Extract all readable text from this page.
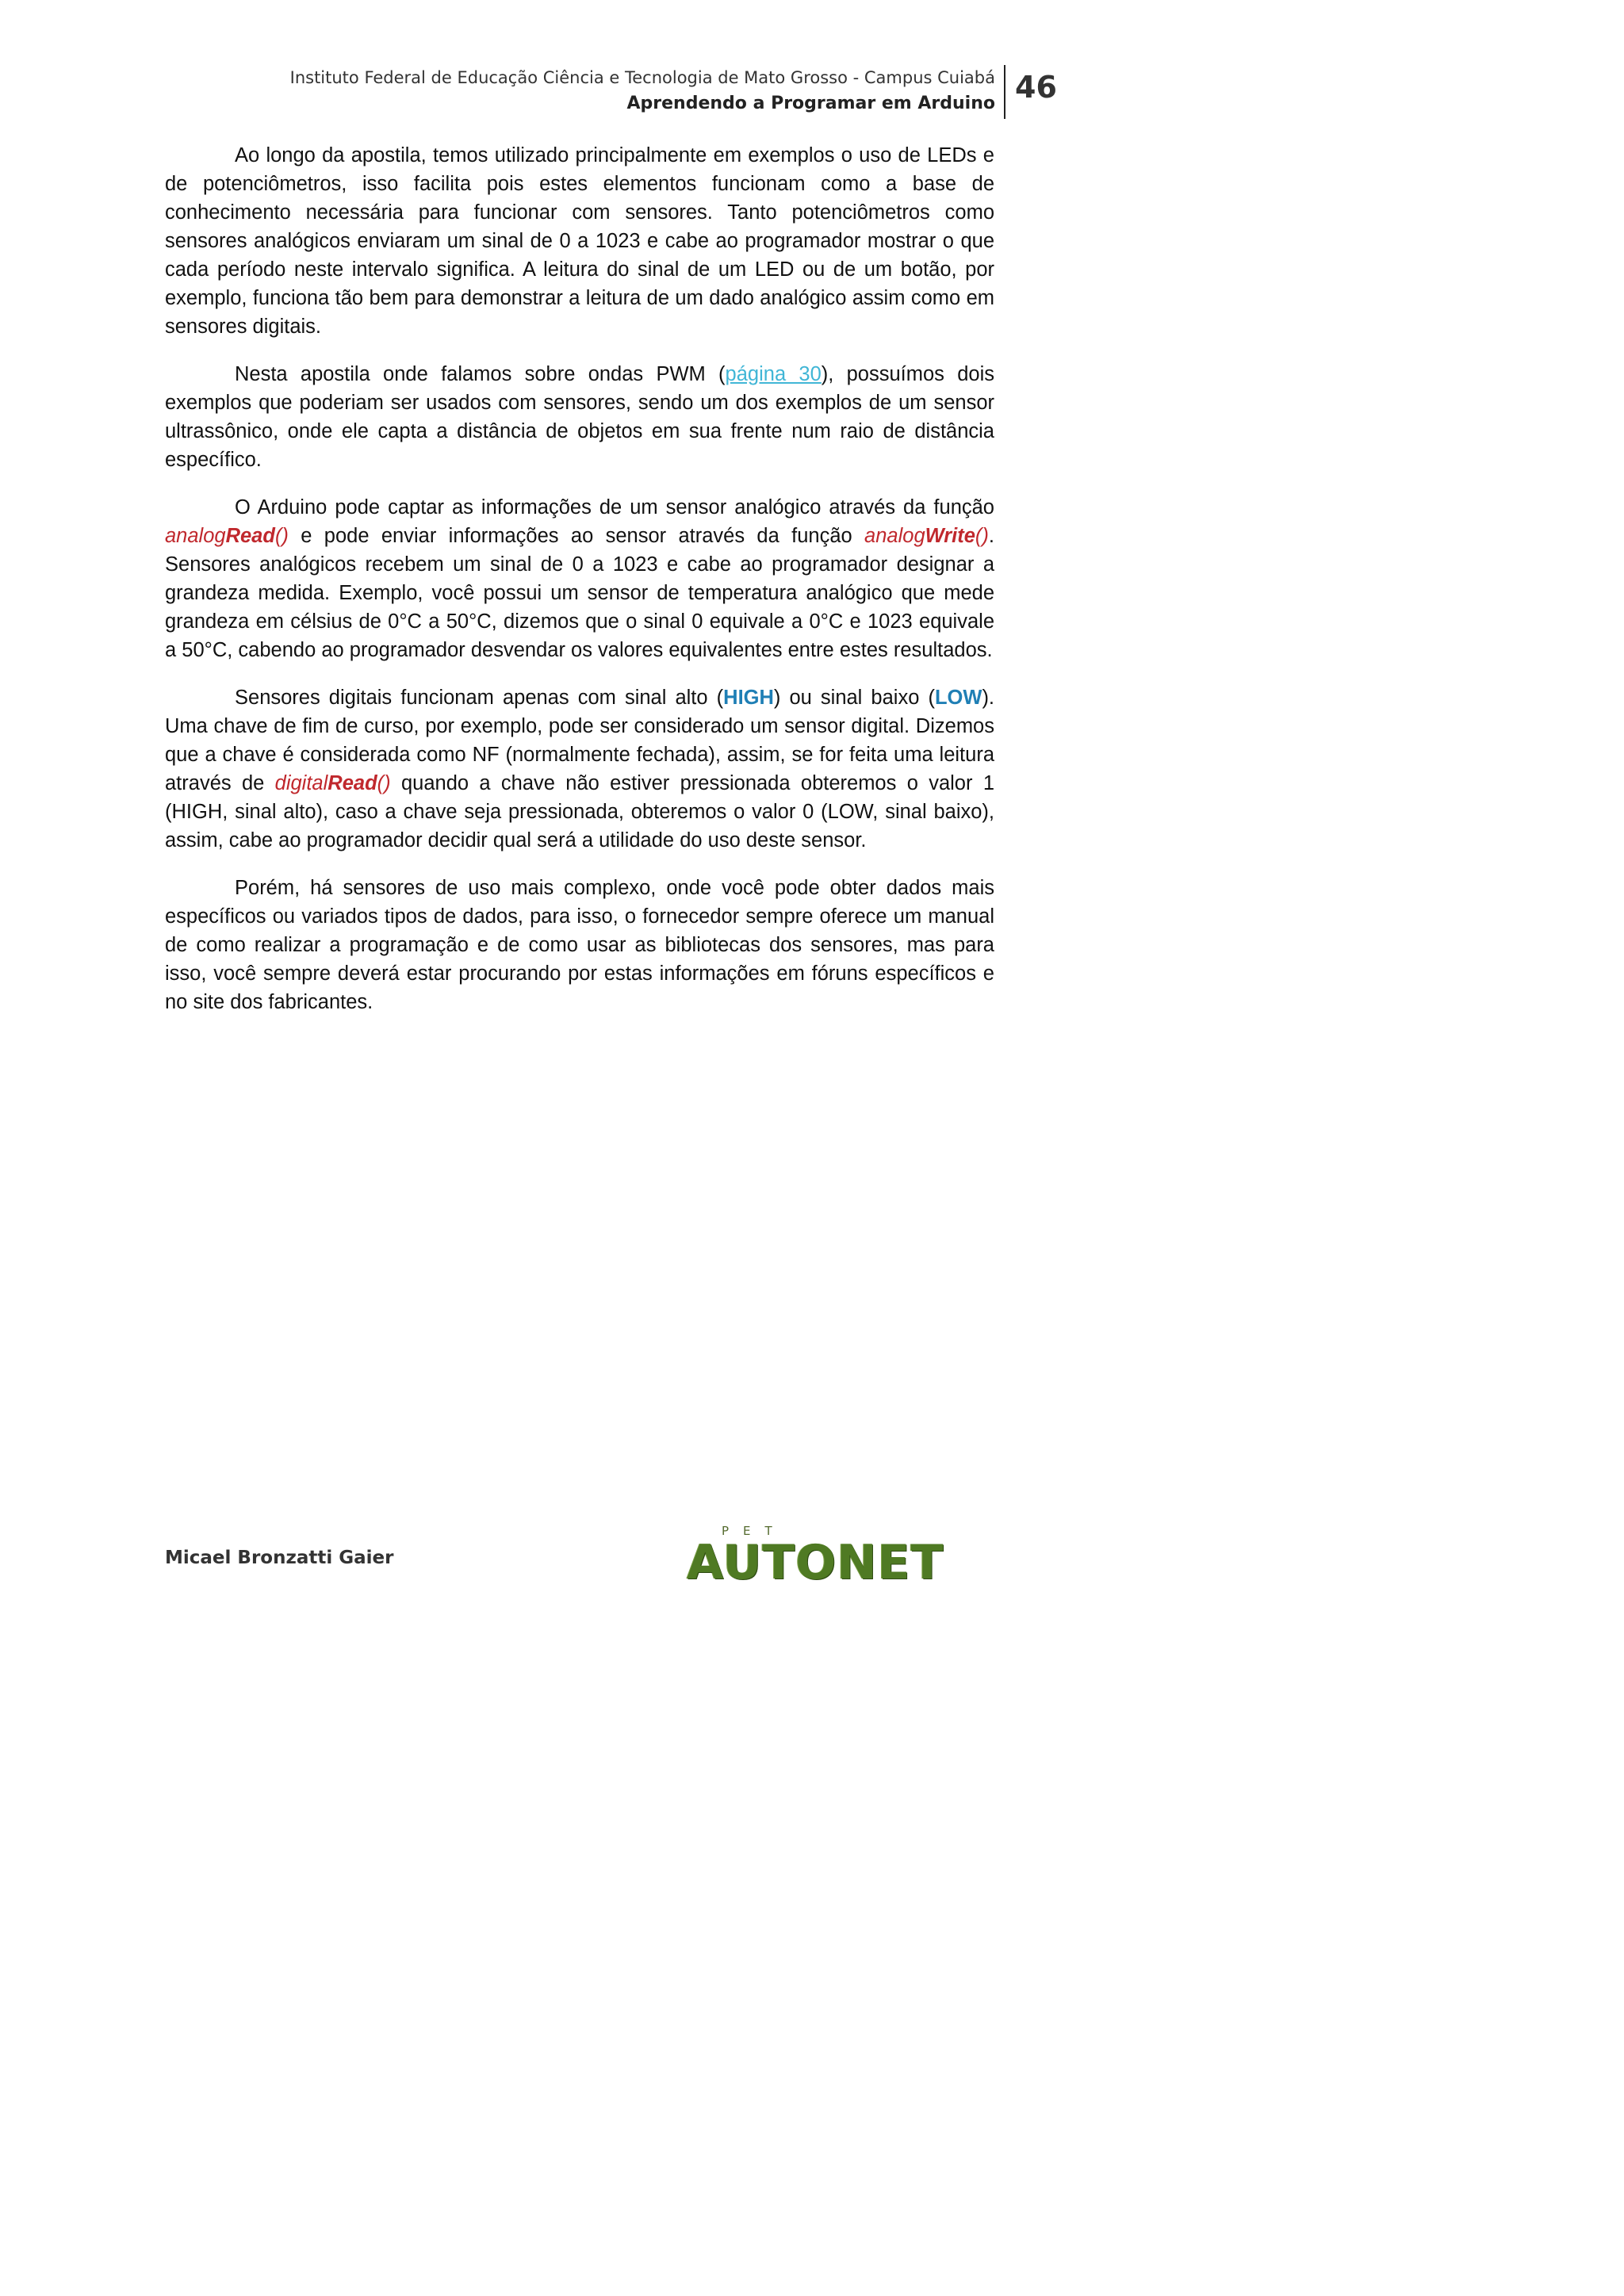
Instituto Federal de Educação Ciência e Tecnologia de Mato Grosso - Campus Cuiabá
Aprendendo a Programar em Arduino 46

Ao longo da apostila, temos utilizado principalmente em exemplos o uso de LEDs e de potenciômetros, isso facilita pois estes elementos funcionam como a base de conhecimento necessária para funcionar com sensores. Tanto potenciômetros como sensores analógicos enviaram um sinal de 0 a 1023 e cabe ao programador mostrar o que cada período neste intervalo significa. A leitura do sinal de um LED ou de um botão, por exemplo, funciona tão bem para demonstrar a leitura de um dado analógico assim como em sensores digitais.

Nesta apostila onde falamos sobre ondas PWM (página 30), possuímos dois exemplos que poderiam ser usados com sensores, sendo um dos exemplos de um sensor ultrassônico, onde ele capta a distância de objetos em sua frente num raio de distância específico.

O Arduino pode captar as informações de um sensor analógico através da função analogRead() e pode enviar informações ao sensor através da função analogWrite(). Sensores analógicos recebem um sinal de 0 a 1023 e cabe ao programador designar a grandeza medida. Exemplo, você possui um sensor de temperatura analógico que mede grandeza em célsius de 0°C a 50°C, dizemos que o sinal 0 equivale a 0°C e 1023 equivale a 50°C, cabendo ao programador desvendar os valores equivalentes entre estes resultados.

Sensores digitais funcionam apenas com sinal alto (HIGH) ou sinal baixo (LOW). Uma chave de fim de curso, por exemplo, pode ser considerado um sensor digital. Dizemos que a chave é considerada como NF (normalmente fechada), assim, se for feita uma leitura através de digitalRead() quando a chave não estiver pressionada obteremos o valor 1 (HIGH, sinal alto), caso a chave seja pressionada, obteremos o valor 0 (LOW, sinal baixo), assim, cabe ao programador decidir qual será a utilidade do uso deste sensor.

Porém, há sensores de uso mais complexo, onde você pode obter dados mais específicos ou variados tipos de dados, para isso, o fornecedor sempre oferece um manual de como realizar a programação e de como usar as bibliotecas dos sensores, mas para isso, você sempre deverá estar procurando por estas informações em fóruns específicos e no site dos fabricantes.

Micael Bronzatti Gaier
PET
AUTONET
